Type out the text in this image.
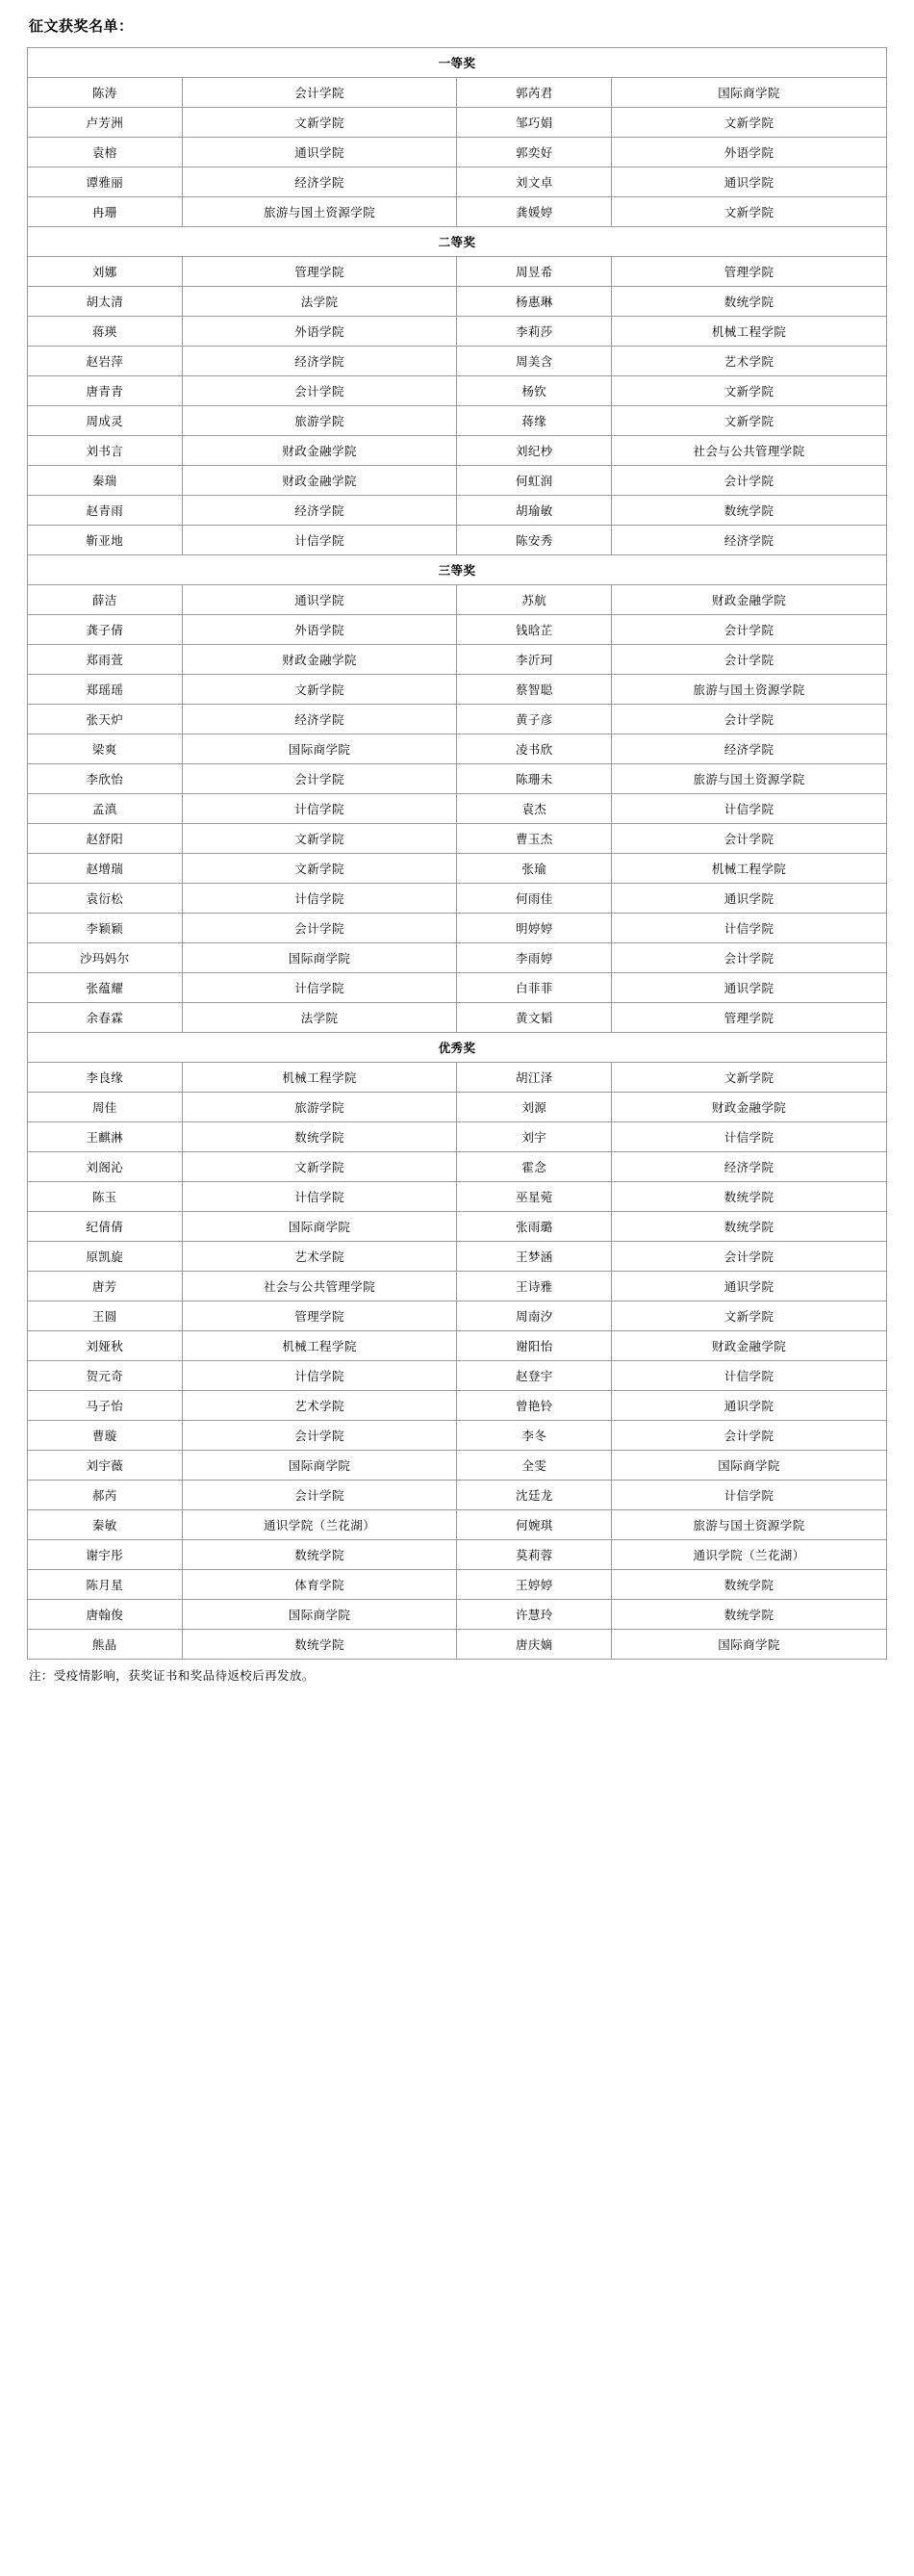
征文获奖名单：
一等奖			
陈涛	会计学院	郭芮君	国际商学院
卢芳洲	文新学院	邹巧娟	文新学院
袁榕	通识学院	郭奕好	外语学院
谭雅丽	经济学院	刘文卓	通识学院
冉珊	旅游与国土资源学院	龚媛婷	文新学院
二等奖			
刘娜	管理学院	周昱希	管理学院
胡太清	法学院	杨惠琳	数统学院
蒋瑛	外语学院	李莉莎	机械工程学院
赵岩萍	经济学院	周美含	艺术学院
唐青青	会计学院	杨钦	文新学院
周成灵	旅游学院	蒋缘	文新学院
刘书言	财政金融学院	刘纪杪	社会与公共管理学院
秦瑞	财政金融学院	何虹润	会计学院
赵青雨	经济学院	胡瑜敏	数统学院
靳亚地	计信学院	陈安秀	经济学院
三等奖			
薛洁	通识学院	苏航	财政金融学院
龚子倩	外语学院	钱晗芷	会计学院
郑雨萱	财政金融学院	李沂珂	会计学院
郑瑶瑶	文新学院	蔡智聪	旅游与国土资源学院
张天炉	经济学院	黄子彦	会计学院
梁爽	国际商学院	凌书欣	经济学院
李欣怡	会计学院	陈珊未	旅游与国土资源学院
孟滇	计信学院	袁杰	计信学院
赵舒阳	文新学院	曹玉杰	会计学院
赵增瑞	文新学院	张瑜	机械工程学院
袁衍松	计信学院	何雨佳	通识学院
李颖颖	会计学院	明婷婷	计信学院
沙玛妈尔	国际商学院	李雨婷	会计学院
张蕴耀	计信学院	白菲菲	通识学院
余春霖	法学院	黄文韬	管理学院
优秀奖			
李良缘	机械工程学院	胡江泽	文新学院
周佳	旅游学院	刘源	财政金融学院
王麒淋	数统学院	刘宇	计信学院
刘阁沁	文新学院	霍念	经济学院
陈玉	计信学院	巫星菀	数统学院
纪倩倩	国际商学院	张雨璐	数统学院
原凯旋	艺术学院	王梦涵	会计学院
唐芳	社会与公共管理学院	王诗雅	通识学院
王圆	管理学院	周南汐	文新学院
刘娅秋	机械工程学院	谢阳怡	财政金融学院
贺元奇	计信学院	赵登宇	计信学院
马子怡	艺术学院	曾艳铃	通识学院
曹璇	会计学院	李冬	会计学院
刘宇薇	国际商学院	全雯	国际商学院
郝芮	会计学院	沈廷龙	计信学院
秦敏	通识学院（兰花湖）	何婉琪	旅游与国土资源学院
谢宇彤	数统学院	莫莉蓉	通识学院（兰花湖）
陈月星	体育学院	王婷婷	数统学院
唐翰俊	国际商学院	许慧玲	数统学院
熊晶	数统学院	唐庆嫡	国际商学院
注：受疫情影响，获奖证书和奖品待返校后再发放。
